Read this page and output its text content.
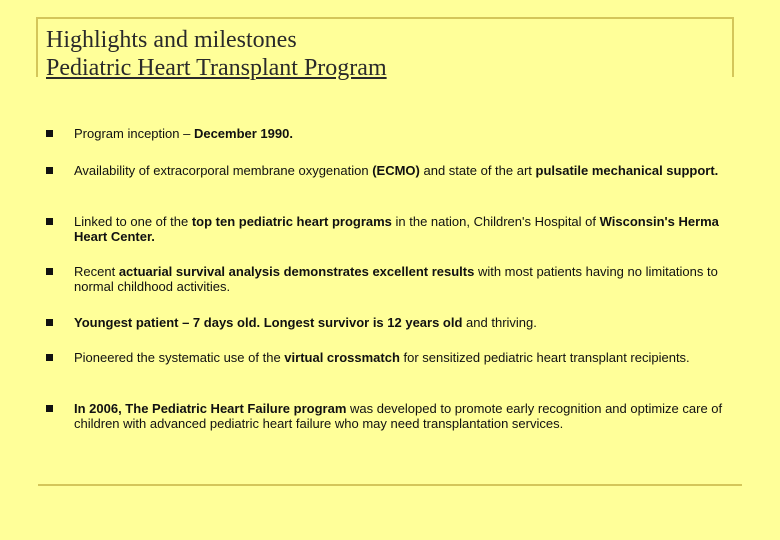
Highlights and milestones
Pediatric Heart Transplant Program
Program inception – December 1990.
Availability of extracorporal membrane oxygenation (ECMO) and state of the art pulsatile mechanical support.
Linked to one of the top ten pediatric heart programs in the nation, Children's Hospital of Wisconsin's Herma Heart Center.
Recent actuarial survival analysis demonstrates excellent results with most patients having no limitations to normal childhood activities.
Youngest patient – 7 days old. Longest survivor is 12 years old and thriving.
Pioneered the systematic use of the virtual crossmatch for sensitized pediatric heart transplant recipients.
In 2006, The Pediatric Heart Failure program was developed to promote early recognition and optimize care of children with advanced pediatric heart failure who may need transplantation services.
